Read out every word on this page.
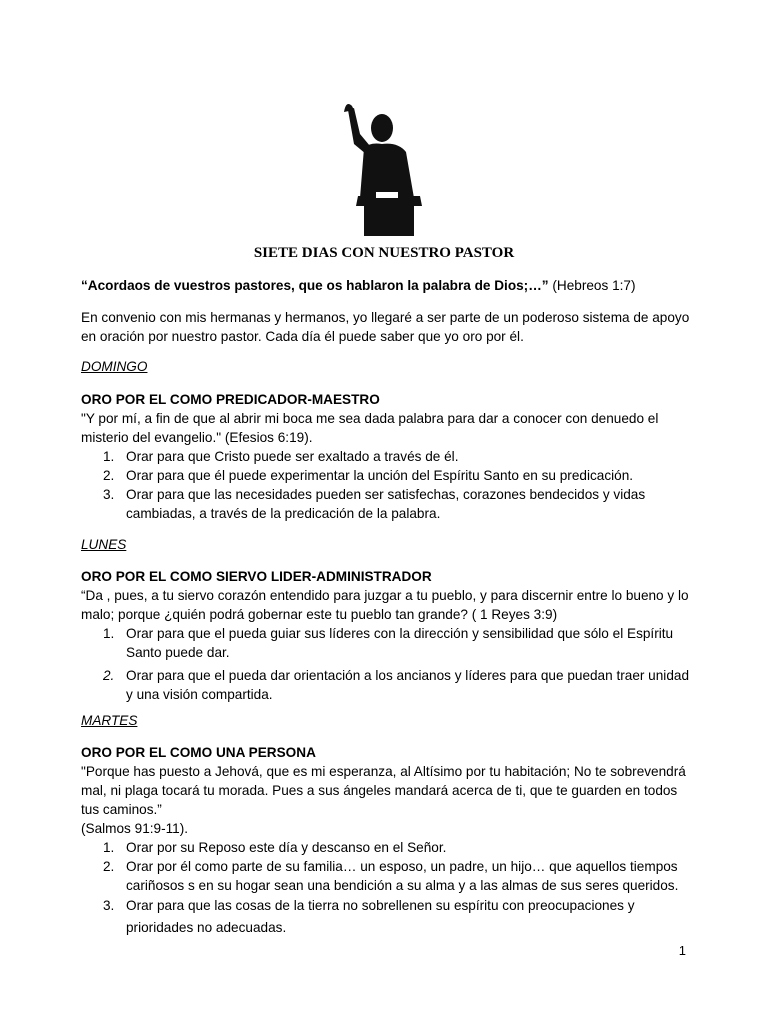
SIETE DIAS CON NUESTRO PASTOR
“Acordaos de vuestros pastores, que os hablaron la palabra de Dios;…” (Hebreos 1:7)
En convenio con mis hermanas y hermanos, yo llegaré a ser parte de un poderoso sistema de apoyo en oración por nuestro pastor. Cada día él puede saber que yo oro por él.
DOMINGO
ORO POR EL COMO PREDICADOR-MAESTRO
"Y por mí, a fin de que al abrir mi boca me sea dada palabra para dar a conocer con denuedo el misterio del evangelio." (Efesios 6:19).
1. Orar para que Cristo puede ser exaltado a través de él.
2. Orar para que él puede experimentar la unción del Espíritu Santo en su predicación.
3. Orar para que las necesidades pueden ser satisfechas, corazones bendecidos y vidas cambiadas, a través de la predicación de la palabra.
LUNES
ORO POR EL COMO SIERVO LIDER-ADMINISTRADOR
“Da , pues, a tu siervo corazón entendido para juzgar a tu pueblo, y para discernir entre lo bueno y lo malo; porque ¿quién podrá gobernar este tu pueblo tan grande? ( 1 Reyes 3:9)
1. Orar para que el pueda guiar sus líderes con la dirección y sensibilidad que sólo el Espíritu Santo puede dar.
2. Orar para que el pueda dar orientación a los ancianos y líderes para que puedan traer unidad y una visión compartida.
MARTES
ORO POR EL COMO UNA PERSONA
"Porque has puesto a Jehová, que es mi esperanza, al Altísimo por tu habitación; No te sobrevendrá mal, ni plaga tocará tu morada. Pues a sus ángeles mandará acerca de ti, que te guarden en todos tus caminos.”
(Salmos 91:9-11).
1. Orar por su Reposo este día y descanso en el Señor.
2. Orar por él como parte de su familia… un esposo, un padre, un hijo… que aquellos tiempos cariñosos s en su hogar sean una bendición a su alma y a las almas de sus seres queridos.
3. Orar para que las cosas de la tierra no sobrellenen su espíritu con preocupaciones y prioridades no adecuadas.
1
